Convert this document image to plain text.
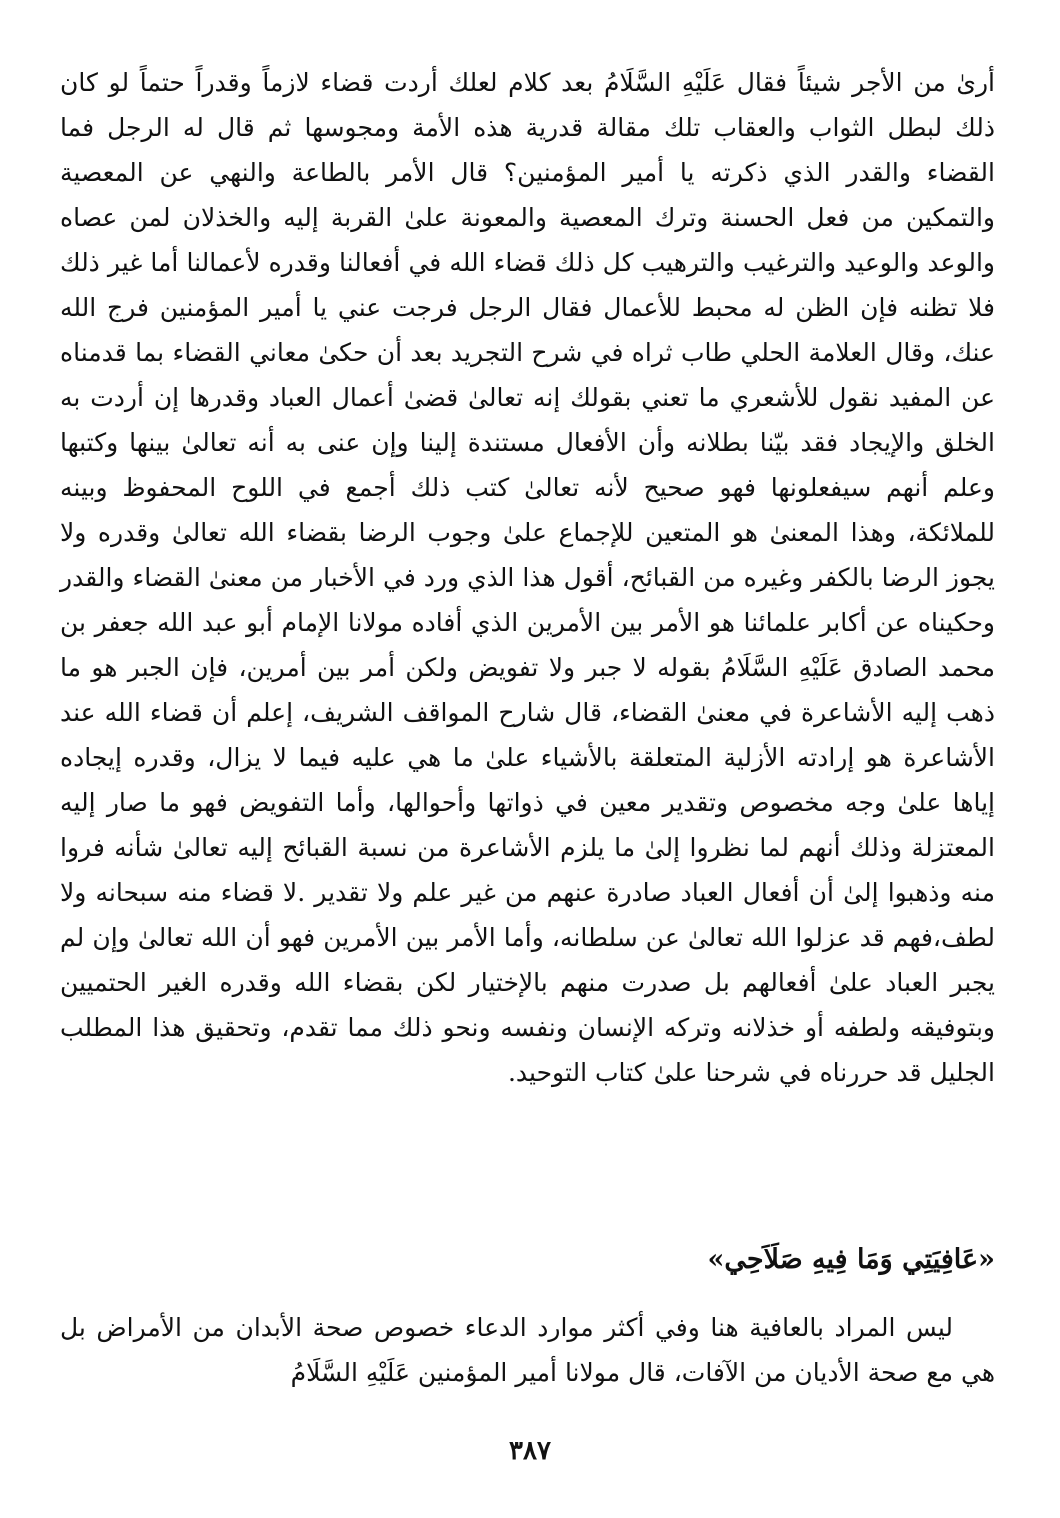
أرىٰ من الأجر شيئاً فقال عَلَيْهِ السَّلَامُ بعد كلام لعلك أردت قضاء لازماً وقدراً حتماً لو كان ذلك لبطل الثواب والعقاب تلك مقالة قدرية هذه الأمة ومجوسها ثم قال له الرجل فما القضاء والقدر الذي ذكرته يا أمير المؤمنين؟ قال الأمر بالطاعة والنهي عن المعصية والتمكين من فعل الحسنة وترك المعصية والمعونة علىٰ القربة إليه والخذلان لمن عصاه والوعد والوعيد والترغيب والترهيب كل ذلك قضاء الله في أفعالنا وقدره لأعمالنا أما غير ذلك فلا تظنه فإن الظن له محبط للأعمال فقال الرجل فرجت عني يا أمير المؤمنين فرج الله عنك، وقال العلامة الحلي طاب ثراه في شرح التجريد بعد أن حكىٰ معاني القضاء بما قدمناه عن المفيد نقول للأشعري ما تعني بقولك إنه تعالىٰ قضىٰ أعمال العباد وقدرها إن أردت به الخلق والإيجاد فقد بيّنا بطلانه وأن الأفعال مستندة إلينا وإن عنى به أنه تعالىٰ بينها وكتبها وعلم أنهم سيفعلونها فهو صحيح لأنه تعالىٰ كتب ذلك أجمع في اللوح المحفوظ وبينه للملائكة، وهذا المعنىٰ هو المتعين للإجماع علىٰ وجوب الرضا بقضاء الله تعالىٰ وقدره ولا يجوز الرضا بالكفر وغيره من القبائح، أقول هذا الذي ورد في الأخبار من معنىٰ القضاء والقدر وحكيناه عن أكابر علمائنا هو الأمر بين الأمرين الذي أفاده مولانا الإمام أبو عبد الله جعفر بن محمد الصادق عَلَيْهِ السَّلَامُ بقوله لا جبر ولا تفويض ولكن أمر بين أمرين، فإن الجبر هو ما ذهب إليه الأشاعرة في معنىٰ القضاء، قال شارح المواقف الشريف، إعلم أن قضاء الله عند الأشاعرة هو إرادته الأزلية المتعلقة بالأشياء علىٰ ما هي عليه فيما لا يزال، وقدره إيجاده إياها علىٰ وجه مخصوص وتقدير معين في ذواتها وأحوالها، وأما التفويض فهو ما صار إليه المعتزلة وذلك أنهم لما نظروا إلىٰ ما يلزم الأشاعرة من نسبة القبائح إليه تعالىٰ شأنه فروا منه وذهبوا إلىٰ أن أفعال العباد صادرة عنهم من غير علم ولا تقدير .لا قضاء منه سبحانه ولا لطف،فهم قد عزلوا الله تعالىٰ عن سلطانه، وأما الأمر بين الأمرين فهو أن الله تعالىٰ وإن لم يجبر العباد علىٰ أفعالهم بل صدرت منهم بالإختيار لكن بقضاء الله وقدره الغير الحتميين وبتوفيقه ولطفه أو خذلانه وتركه الإنسان ونفسه ونحو ذلك مما تقدم، وتحقيق هذا المطلب الجليل قد حررناه في شرحنا علىٰ كتاب التوحيد.

«عَافِيَتِي وَمَا فِيهِ صَلَاَحِي»

ليس المراد بالعافية هنا وفي أكثر موارد الدعاء خصوص صحة الأبدان من الأمراض بل هي مع صحة الأديان من الآفات، قال مولانا أمير المؤمنين عَلَيْهِ السَّلَامُ

٣٨٧
